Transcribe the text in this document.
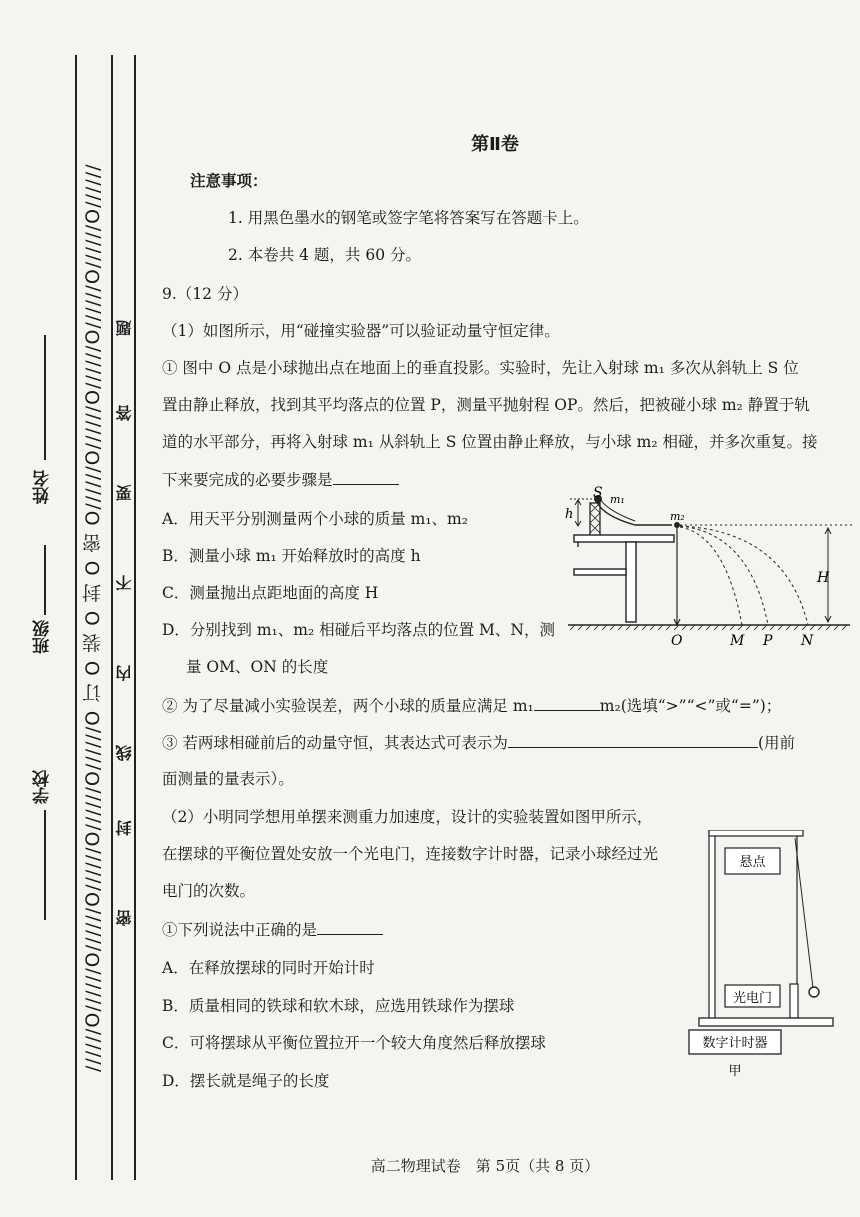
//////O//////O//////O//////O//////O//////O 订 O 装 O 封 O 密 O//////O//////O//////O//////O//////O//////
学校
班级
姓名
密
封
线
内
不
要
答
题
第Ⅱ卷
注意事项：
1. 用黑色墨水的钢笔或签字笔将答案写在答题卡上。
2. 本卷共 4 题，共 60 分。
9.（12 分）
（1）如图所示，用“碰撞实验器”可以验证动量守恒定律。
① 图中 O 点是小球抛出点在地面上的垂直投影。实验时，先让入射球 m₁ 多次从斜轨上 S 位
置由静止释放，找到其平均落点的位置 P，测量平抛射程 OP。然后，把被碰小球 m₂ 静置于轨
道的水平部分，再将入射球 m₁ 从斜轨上 S 位置由静止释放，与小球 m₂ 相碰，并多次重复。接
下来要完成的必要步骤是
A．用天平分别测量两个小球的质量 m₁、m₂
B．测量小球 m₁ 开始释放时的高度 h
C．测量抛出点距地面的高度 H
D．分别找到 m₁、m₂ 相碰后平均落点的位置 M、N，测
量 OM、ON 的长度
② 为了尽量减小实验误差，两个小球的质量应满足 m₁	m₂(选填“>”“<”或“=”)；
③ 若两球相碰前后的动量守恒，其表达式可表示为	(用前
面测量的量表示）。
（2）小明同学想用单摆来测重力加速度，设计的实验装置如图甲所示，
在摆球的平衡位置处安放一个光电门，连接数字计时器，记录小球经过光
电门的次数。
①下列说法中正确的是
A．在释放摆球的同时开始计时
B．质量相同的铁球和软木球，应选用铁球作为摆球
C．可将摆球从平衡位置拉开一个较大角度然后释放摆球
D．摆长就是绳子的长度
S m₁
m₂
h
H
O	M P N
悬点
光电门
数字计时器
甲
高二物理试卷　第 5页（共 8 页）
